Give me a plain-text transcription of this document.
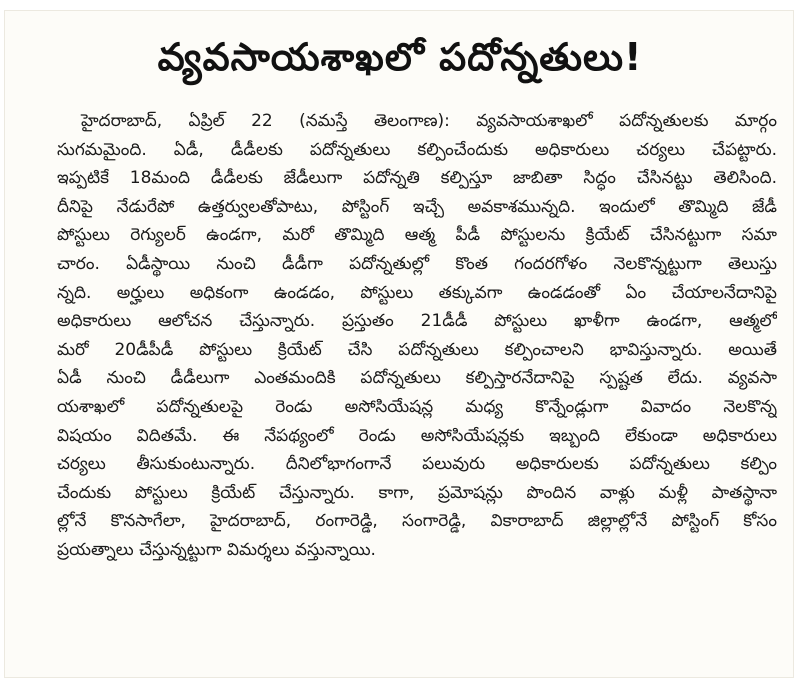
వ్యవసాయశాఖలో పదోన్నతులు!
హైదరాబాద్, ఏప్రిల్ 22 (నమస్తే తెలంగాణ): వ్యవసాయశాఖలో పదోన్నతులకు మార్గం
సుగమమైంది. ఏడీ, డీడీలకు పదోన్నతులు కల్పించేందుకు అధికారులు చర్యలు చేపట్టారు.
ఇప్పటికే 18మంది డీడీలకు జేడీలుగా పదోన్నతి కల్పిస్తూ జాబితా సిద్ధం చేసినట్టు తెలిసింది.
దీనిపై నేడురేపో ఉత్తర్వులతోపాటు, పోస్టింగ్ ఇచ్చే అవకాశమున్నది. ఇందులో తొమ్మిది జేడీ
పోస్టులు రెగ్యులర్ ఉండగా, మరో తొమ్మిది ఆత్మ పీడీ పోస్టులను క్రియేట్ చేసినట్టుగా సమా
చారం. ఏడీస్థాయి నుంచి డీడీగా పదోన్నతుల్లో కొంత గందరగోళం నెలకొన్నట్టుగా తెలుస్తు
న్నది. అర్హులు అధికంగా ఉండడం, పోస్టులు తక్కువగా ఉండడంతో ఏం చేయాలనేదానిపై
అధికారులు ఆలోచన చేస్తున్నారు. ప్రస్తుతం 21డీడీ పోస్టులు ఖాళీగా ఉండగా, ఆత్మలో
మరో 20డీపీడీ పోస్టులు క్రియేట్ చేసి పదోన్నతులు కల్పించాలని భావిస్తున్నారు. అయితే
ఏడీ నుంచి డీడీలుగా ఎంతమందికి పదోన్నతులు కల్పిస్తారనేదానిపై స్పష్టత లేదు. వ్యవసా
యశాఖలో పదోన్నతులపై రెండు అసోసియేషన్ల మధ్య కొన్నేండ్లుగా వివాదం నెలకొన్న
విషయం విదితమే. ఈ నేపథ్యంలో రెండు అసోసియేషన్లకు ఇబ్బంది లేకుండా అధికారులు
చర్యలు తీసుకుంటున్నారు. దీనిలోభాగంగానే పలువురు అధికారులకు పదోన్నతులు కల్పిం
చేందుకు పోస్టులు క్రియేట్ చేస్తున్నారు. కాగా, ప్రమోషన్లు పొందిన వాళ్లు మళ్లీ పాతస్థానా
ల్లోనే కొనసాగేలా, హైదరాబాద్, రంగారెడ్డి, సంగారెడ్డి, వికారాబాద్ జిల్లాల్లోనే పోస్టింగ్ కోసం
ప్రయత్నాలు చేస్తున్నట్టుగా విమర్శలు వస్తున్నాయి.
